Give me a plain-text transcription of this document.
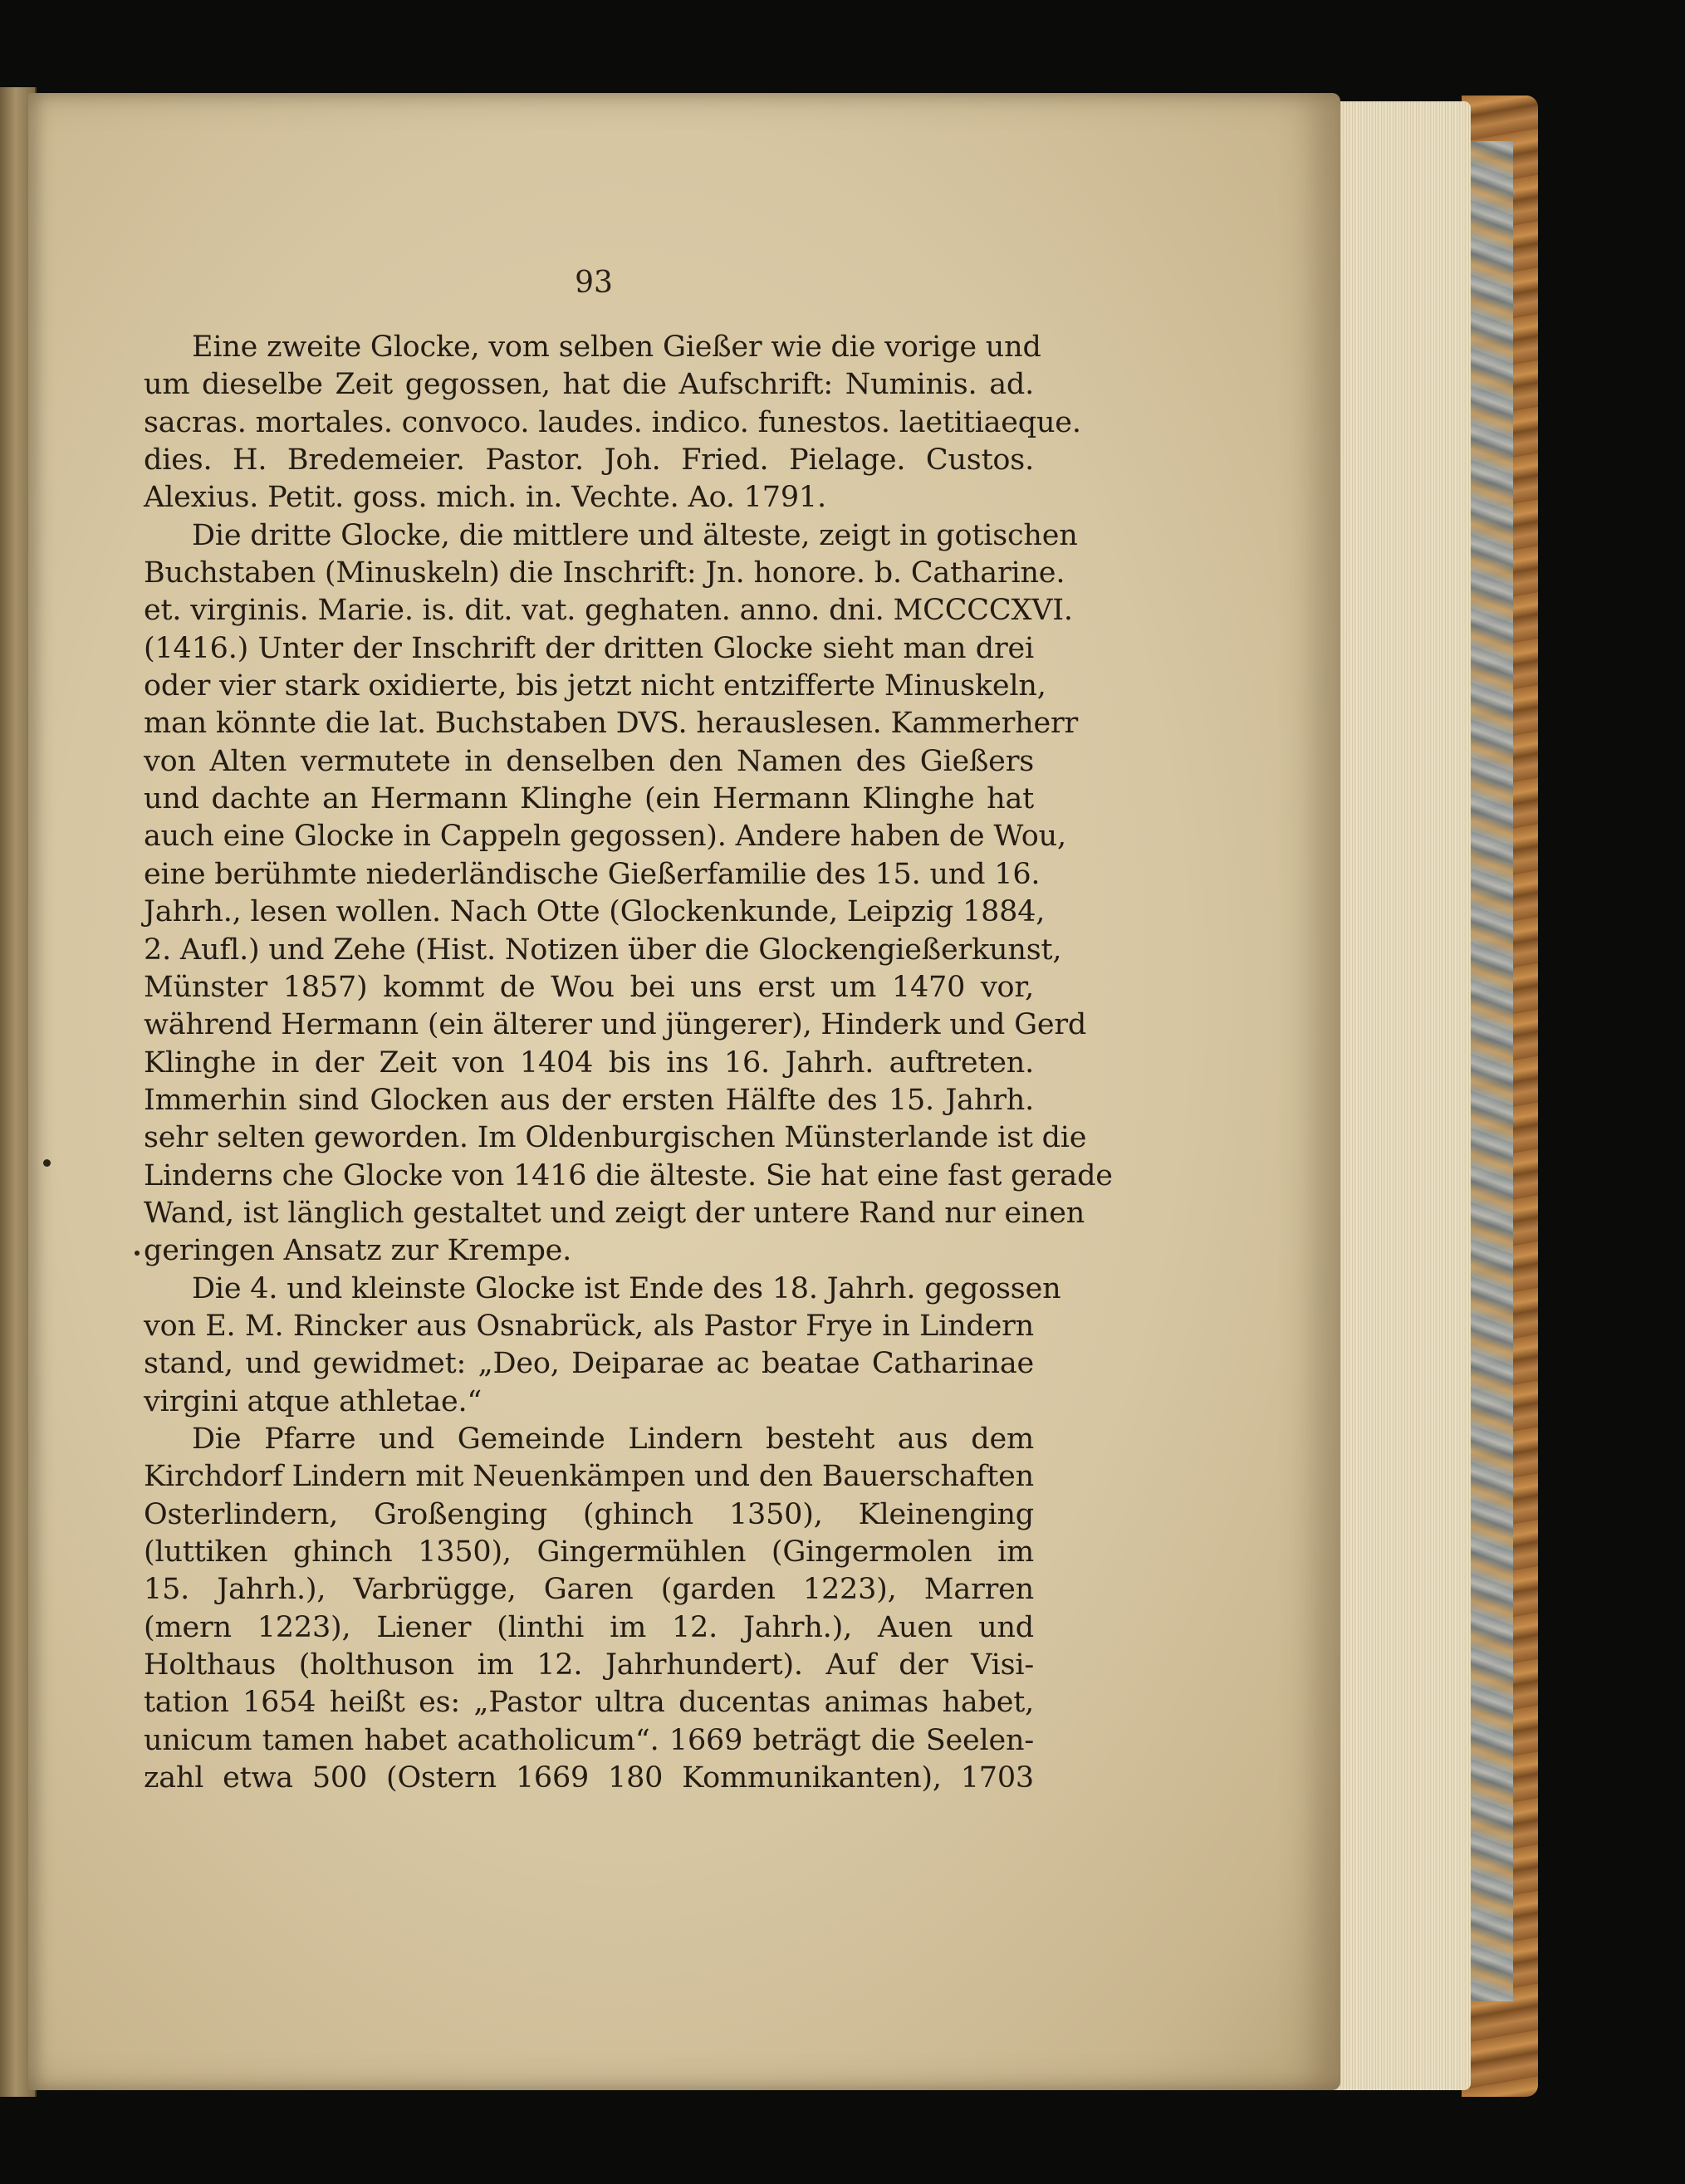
93
Eine zweite Glocke, vom selben Gießer wie die vorige und
um dieselbe Zeit gegossen, hat die Aufschrift: Numinis. ad.
sacras. mortales. convoco. laudes. indico. funestos. laetitiaeque.
dies. H. Bredemeier. Pastor. Joh. Fried. Pielage. Custos.
Alexius. Petit. goss. mich. in. Vechte. Ao. 1791.
Die dritte Glocke, die mittlere und älteste, zeigt in gotischen
Buchstaben (Minuskeln) die Inschrift: Jn. honore. b. Catharine.
et. virginis. Marie. is. dit. vat. geghaten. anno. dni. MCCCCXVI.
(1416.) Unter der Inschrift der dritten Glocke sieht man drei
oder vier stark oxidierte, bis jetzt nicht entzifferte Minuskeln,
man könnte die lat. Buchstaben DVS. herauslesen. Kammerherr
von Alten vermutete in denselben den Namen des Gießers
und dachte an Hermann Klinghe (ein Hermann Klinghe hat
auch eine Glocke in Cappeln gegossen). Andere haben de Wou,
eine berühmte niederländische Gießerfamilie des 15. und 16.
Jahrh., lesen wollen. Nach Otte (Glockenkunde, Leipzig 1884,
2. Aufl.) und Zehe (Hist. Notizen über die Glockengießerkunst,
Münster 1857) kommt de Wou bei uns erst um 1470 vor,
während Hermann (ein älterer und jüngerer), Hinderk und Gerd
Klinghe in der Zeit von 1404 bis ins 16. Jahrh. auftreten.
Immerhin sind Glocken aus der ersten Hälfte des 15. Jahrh.
sehr selten geworden. Im Oldenburgischen Münsterlande ist die
Linderns che Glocke von 1416 die älteste. Sie hat eine fast gerade
Wand, ist länglich gestaltet und zeigt der untere Rand nur einen
geringen Ansatz zur Krempe.
Die 4. und kleinste Glocke ist Ende des 18. Jahrh. gegossen
von E. M. Rincker aus Osnabrück, als Pastor Frye in Lindern
stand, und gewidmet: „Deo, Deiparae ac beatae Catharinae
virgini atque athletae.“
Die Pfarre und Gemeinde Lindern besteht aus dem
Kirchdorf Lindern mit Neuenkämpen und den Bauerschaften
Osterlindern, Großenging (ghinch 1350), Kleinenging
(luttiken ghinch 1350), Gingermühlen (Gingermolen im
15. Jahrh.), Varbrügge, Garen (garden 1223), Marren
(mern 1223), Liener (linthi im 12. Jahrh.), Auen und
Holthaus (holthuson im 12. Jahrhundert). Auf der Visi-
tation 1654 heißt es: „Pastor ultra ducentas animas habet,
unicum tamen habet acatholicum“. 1669 beträgt die Seelen-
zahl etwa 500 (Ostern 1669 180 Kommunikanten), 1703
